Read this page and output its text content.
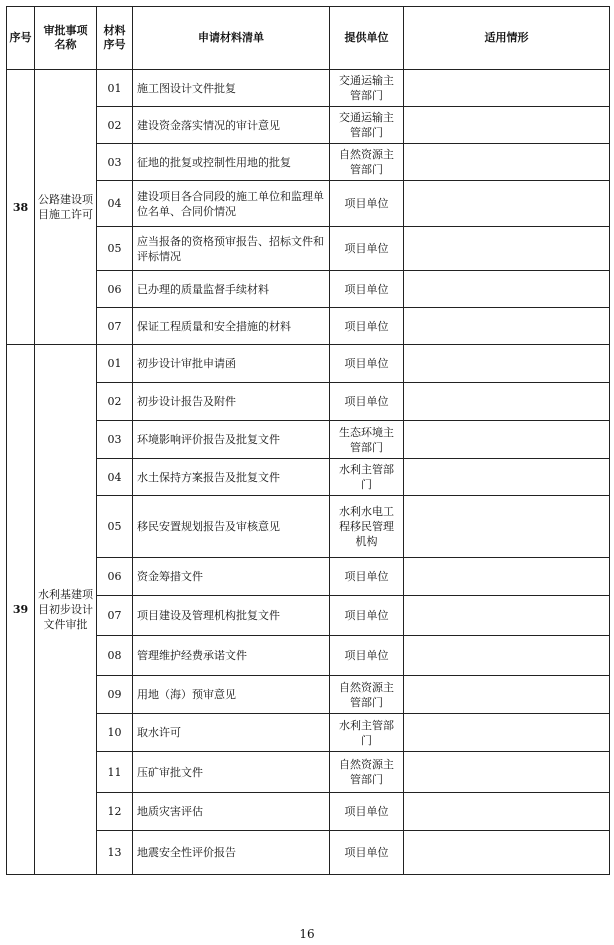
序号	审批事项名称	材料序号	申请材料清单	提供单位	适用情形
38	公路建设项目施工许可	01	施工图设计文件批复	交通运输主管部门	
		02	建设资金落实情况的审计意见	交通运输主管部门	
		03	征地的批复或控制性用地的批复	自然资源主管部门	
		04	建设项目各合同段的施工单位和监理单位名单、合同价情况	项目单位	
		05	应当报备的资格预审报告、招标文件和评标情况	项目单位	
		06	已办理的质量监督手续材料	项目单位	
		07	保证工程质量和安全措施的材料	项目单位	
39	水利基建项目初步设计文件审批	01	初步设计审批申请函	项目单位	
		02	初步设计报告及附件	项目单位	
		03	环境影响评价报告及批复文件	生态环境主管部门	
		04	水土保持方案报告及批复文件	水利主管部门	
		05	移民安置规划报告及审核意见	水利水电工程移民管理机构	
		06	资金筹措文件	项目单位	
		07	项目建设及管理机构批复文件	项目单位	
		08	管理维护经费承诺文件	项目单位	
		09	用地（海）预审意见	自然资源主管部门	
		10	取水许可	水利主管部门	
		11	压矿审批文件	自然资源主管部门	
		12	地质灾害评估	项目单位	
		13	地震安全性评价报告	项目单位	
16
